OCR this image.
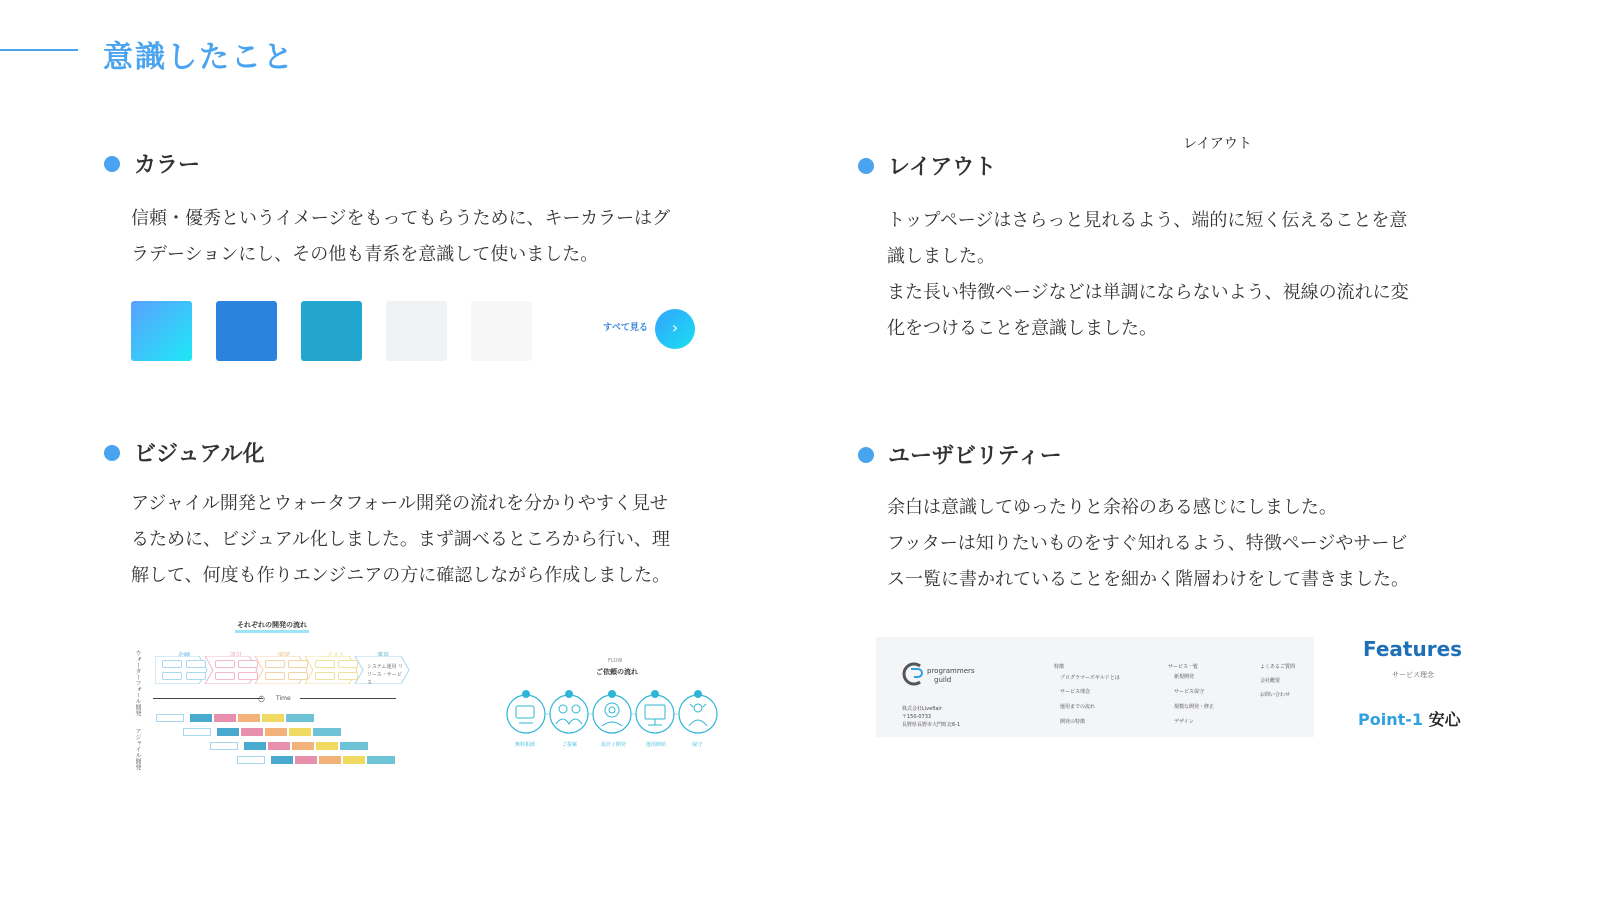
意識したこと
カラー

信頼・優秀というイメージをもってもらうために、キーカラーはグ

ラデーションにし、その他も青系を意識して使いました。

すべて見る	›
レイアウト
レイアウト

トップページはさらっと見れるよう、端的に短く伝えることを意

識しました。

また長い特徴ページなどは単調にならないよう、視線の流れに変

化をつけることを意識しました。

ビジュアル化

アジャイル開発とウォータフォール開発の流れを分かりやすく見せ

るために、ビジュアル化しました。まず調べるところから行い、理

解して、何度も作りエンジニアの方に確認しながら作成しました。

それぞれの開発の流れ
ウォーターフォール開発
アジャイル開発
システム運用 リリース・サービス
◷ Time
FLOW
ご依頼の流れ
無料相談	ご提案	設計 / 開発	運用開始	保守
ユーザビリティー

余白は意識してゆったりと余裕のある感じにしました。

フッターは知りたいものをすぐ知れるよう、特徴ページやサービ

ス一覧に書かれていることを細かく階層わけをして書きました。

programmers
guild
株式会社Liveflair
〒150-0733
長野県長野市大門町北6-1
特徴
プログラマーズギルドとは
サービス理念
運用までの流れ
開発の特徴
サービス一覧
新規開発
サービス保守
規模な開発・修正
デザイン
よくあるご質問
会社概要
お問い合わせ
Features
サービス理念
Point-1 安心
